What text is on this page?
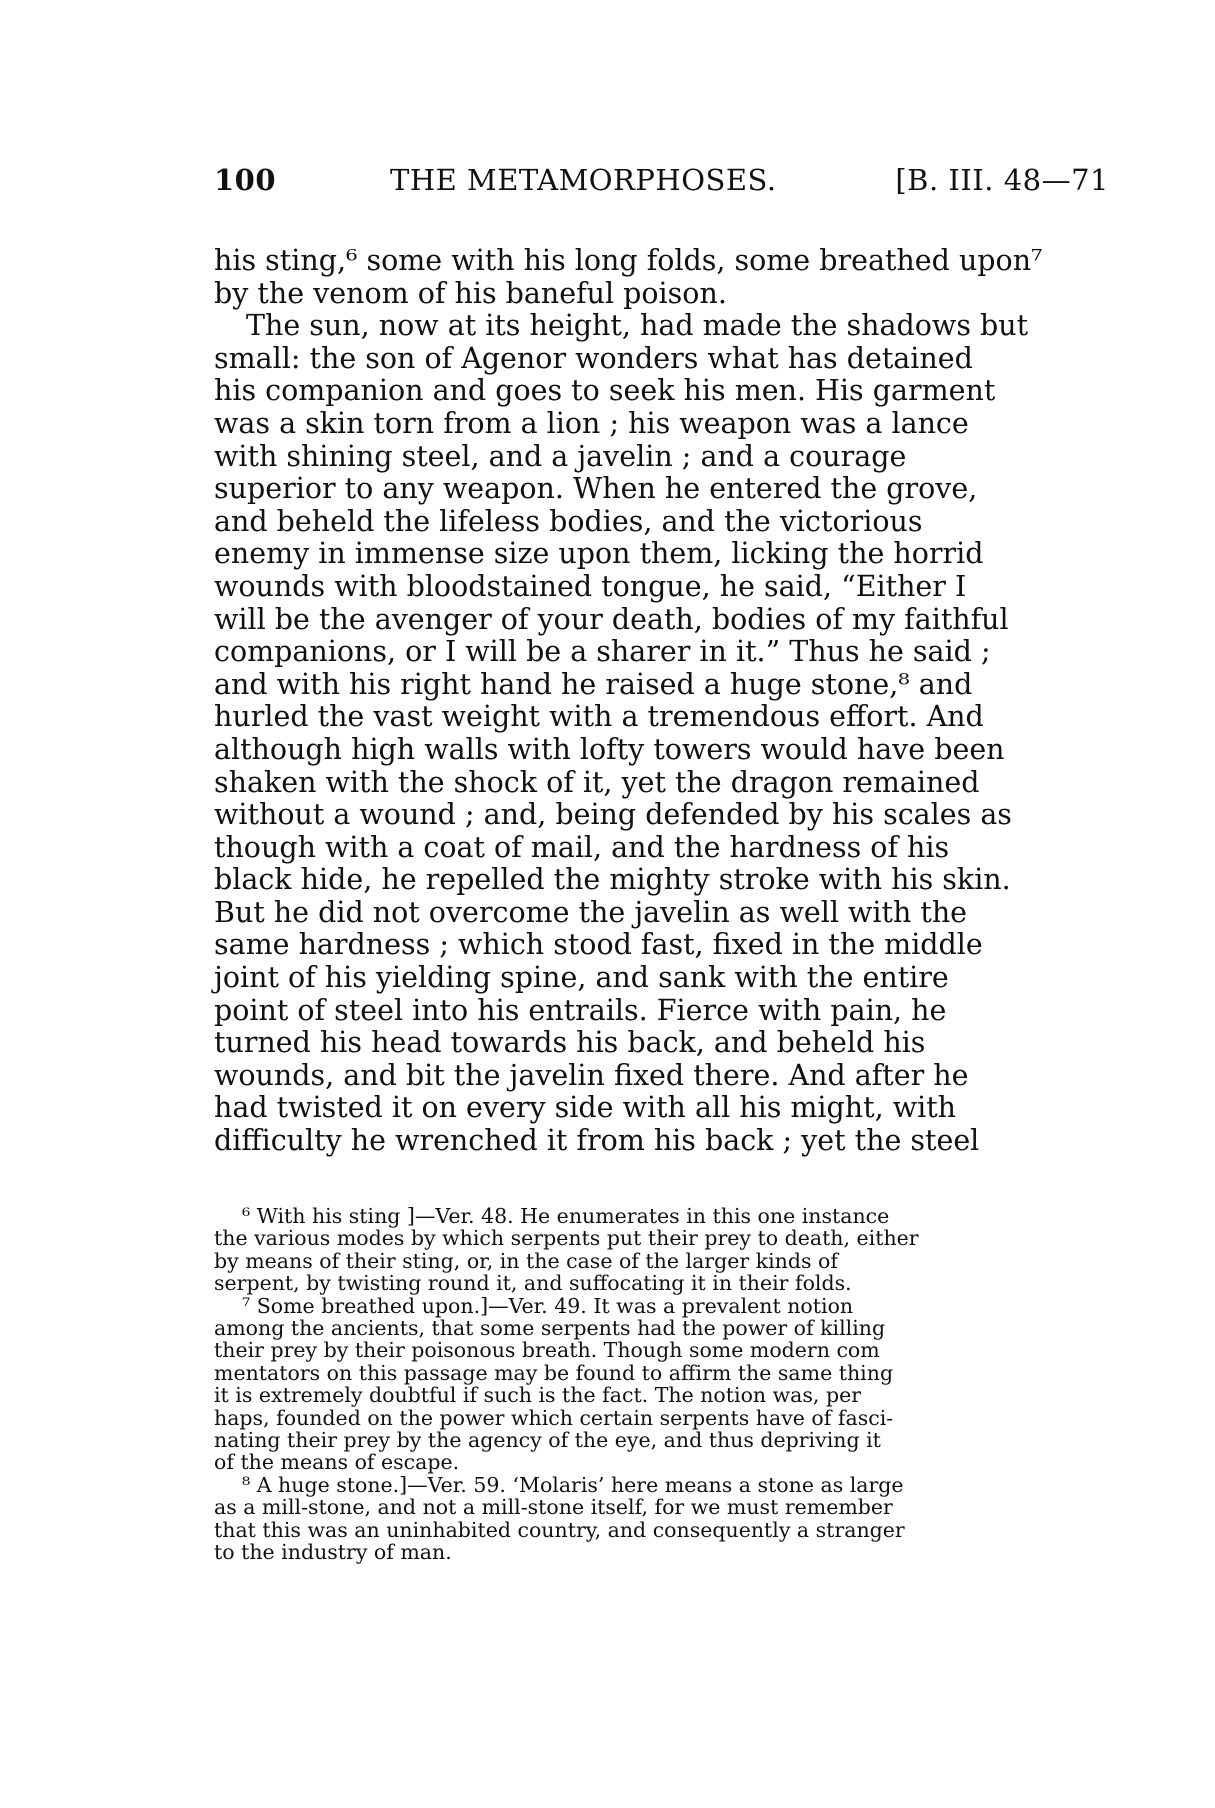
100	THE METAMORPHOSES.	[B. III. 48—71
his sting,⁶ some with his long folds, some breathed upon⁷
by the venom of his baneful poison.
The sun, now at its height, had made the shadows but
small: the son of Agenor wonders what has detained
his companion and goes to seek his men. His garment
was a skin torn from a lion ; his weapon was a lance
with shining steel, and a javelin ; and a courage
superior to any weapon. When he entered the grove,
and beheld the lifeless bodies, and the victorious
enemy in immense size upon them, licking the horrid
wounds with bloodstained tongue, he said, “Either I
will be the avenger of your death, bodies of my faithful
companions, or I will be a sharer in it.” Thus he said ;
and with his right hand he raised a huge stone,⁸ and
hurled the vast weight with a tremendous effort. And
although high walls with lofty towers would have been
shaken with the shock of it, yet the dragon remained
without a wound ; and, being defended by his scales as
though with a coat of mail, and the hardness of his
black hide, he repelled the mighty stroke with his skin.
But he did not overcome the javelin as well with the
same hardness ; which stood fast, fixed in the middle
joint of his yielding spine, and sank with the entire
point of steel into his entrails. Fierce with pain, he
turned his head towards his back, and beheld his
wounds, and bit the javelin fixed there. And after he
had twisted it on every side with all his might, with
difficulty he wrenched it from his back ; yet the steel
⁶ With his sting ]—Ver. 48. He enumerates in this one instance
the various modes by which serpents put their prey to death, either
by means of their sting, or, in the case of the larger kinds of
serpent, by twisting round it, and suffocating it in their folds.
⁷ Some breathed upon.]—Ver. 49. It was a prevalent notion
among the ancients, that some serpents had the power of killing
their prey by their poisonous breath. Though some modern com
mentators on this passage may be found to affirm the same thing
it is extremely doubtful if such is the fact. The notion was, per
haps, founded on the power which certain serpents have of fasci-
nating their prey by the agency of the eye, and thus depriving it
of the means of escape.
⁸ A huge stone.]—Ver. 59. ‘Molaris’ here means a stone as large
as a mill-stone, and not a mill-stone itself, for we must remember
that this was an uninhabited country, and consequently a stranger
to the industry of man.
